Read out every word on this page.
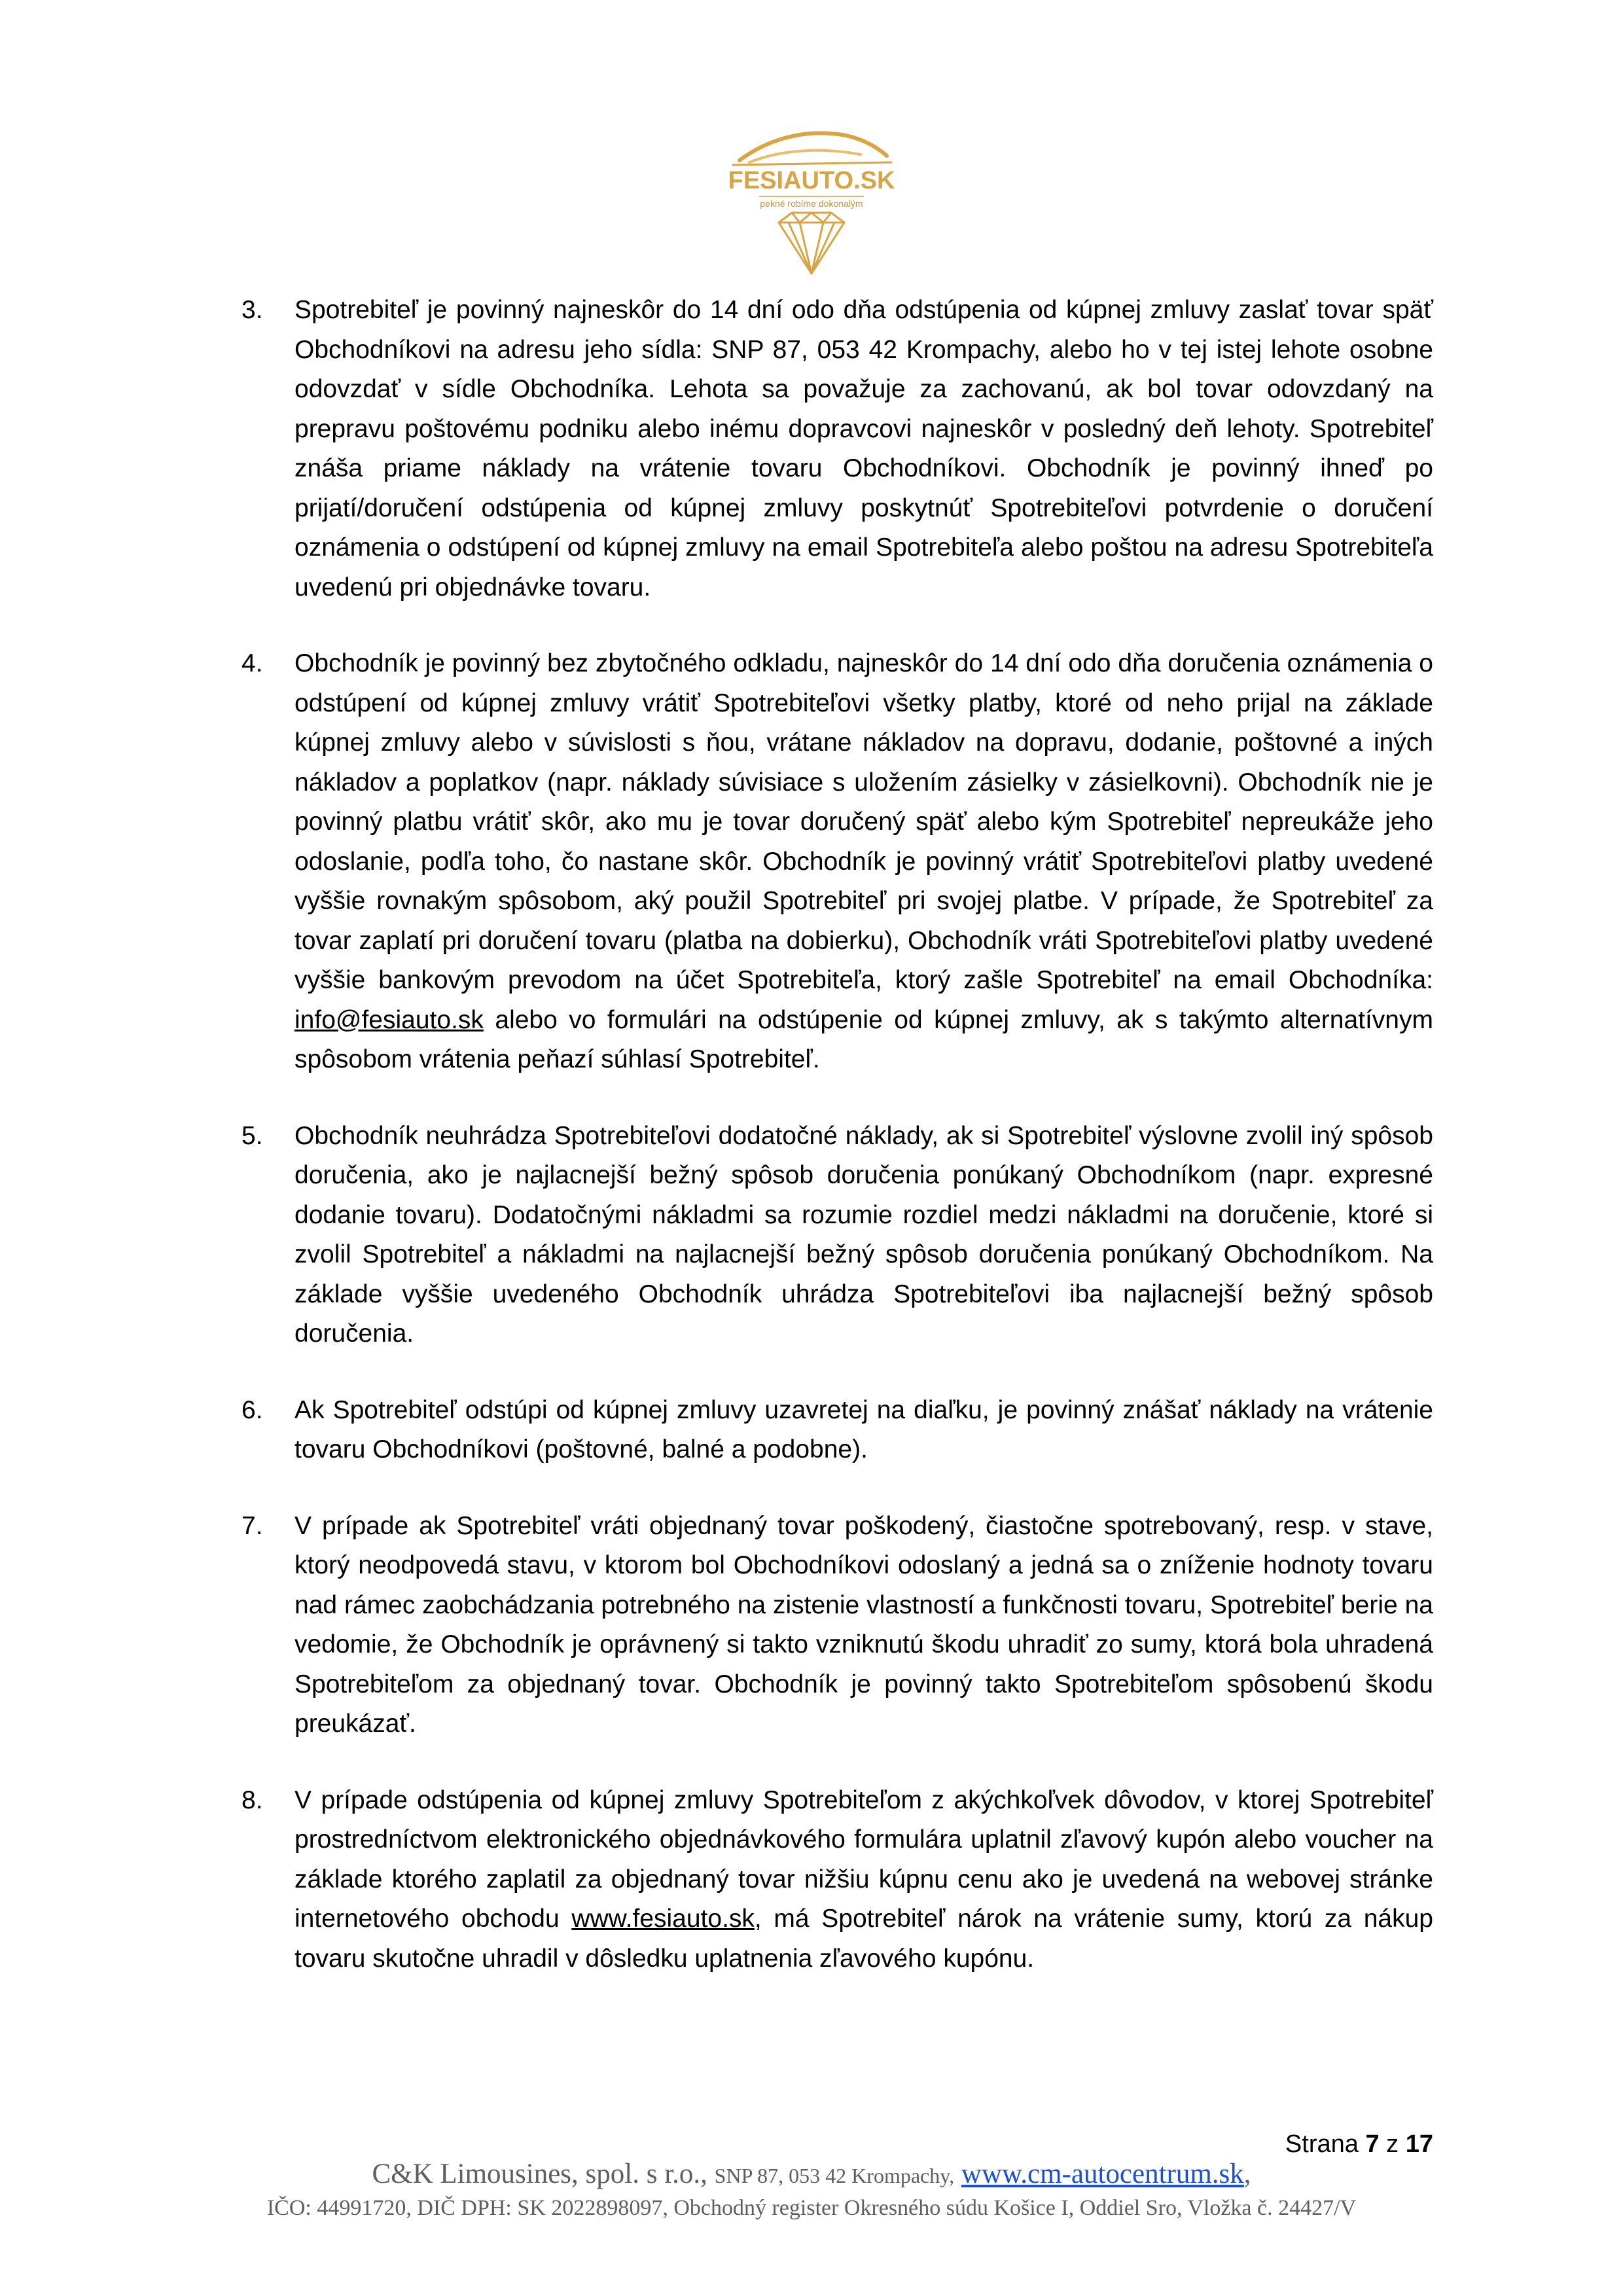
FESIAUTO.SK
pekné robíme dokonalým
3. Spotrebiteľ je povinný najneskôr do 14 dní odo dňa odstúpenia od kúpnej zmluvy zaslať tovar späť Obchodníkovi na adresu jeho sídla: SNP 87, 053 42 Krompachy, alebo ho v tej istej lehote osobne odovzdať v sídle Obchodníka. Lehota sa považuje za zachovanú, ak bol tovar odovzdaný na prepravu poštovému podniku alebo inému dopravcovi najneskôr v posledný deň lehoty. Spotrebiteľ znáša priame náklady na vrátenie tovaru Obchodníkovi. Obchodník je povinný ihneď po prijatí/doručení odstúpenia od kúpnej zmluvy poskytnúť Spotrebiteľovi potvrdenie o doručení oznámenia o odstúpení od kúpnej zmluvy na email Spotrebiteľa alebo poštou na adresu Spotrebiteľa uvedenú pri objednávke tovaru.
4. Obchodník je povinný bez zbytočného odkladu, najneskôr do 14 dní odo dňa doručenia oznámenia o odstúpení od kúpnej zmluvy vrátiť Spotrebiteľovi všetky platby, ktoré od neho prijal na základe kúpnej zmluvy alebo v súvislosti s ňou, vrátane nákladov na dopravu, dodanie, poštovné a iných nákladov a poplatkov (napr. náklady súvisiace s uložením zásielky v zásielkovni). Obchodník nie je povinný platbu vrátiť skôr, ako mu je tovar doručený späť alebo kým Spotrebiteľ nepreukáže jeho odoslanie, podľa toho, čo nastane skôr. Obchodník je povinný vrátiť Spotrebiteľovi platby uvedené vyššie rovnakým spôsobom, aký použil Spotrebiteľ pri svojej platbe. V prípade, že Spotrebiteľ za tovar zaplatí pri doručení tovaru (platba na dobierku), Obchodník vráti Spotrebiteľovi platby uvedené vyššie bankovým prevodom na účet Spotrebiteľa, ktorý zašle Spotrebiteľ na email Obchodníka: info@fesiauto.sk alebo vo formulári na odstúpenie od kúpnej zmluvy, ak s takýmto alternatívnym spôsobom vrátenia peňazí súhlasí Spotrebiteľ.
5. Obchodník neuhrádza Spotrebiteľovi dodatočné náklady, ak si Spotrebiteľ výslovne zvolil iný spôsob doručenia, ako je najlacnejší bežný spôsob doručenia ponúkaný Obchodníkom (napr. expresné dodanie tovaru). Dodatočnými nákladmi sa rozumie rozdiel medzi nákladmi na doručenie, ktoré si zvolil Spotrebiteľ a nákladmi na najlacnejší bežný spôsob doručenia ponúkaný Obchodníkom. Na základe vyššie uvedeného Obchodník uhrádza Spotrebiteľovi iba najlacnejší bežný spôsob doručenia.
6. Ak Spotrebiteľ odstúpi od kúpnej zmluvy uzavretej na diaľku, je povinný znášať náklady na vrátenie tovaru Obchodníkovi (poštovné, balné a podobne).
7. V prípade ak Spotrebiteľ vráti objednaný tovar poškodený, čiastočne spotrebovaný, resp. v stave, ktorý neodpovedá stavu, v ktorom bol Obchodníkovi odoslaný a jedná sa o zníženie hodnoty tovaru nad rámec zaobchádzania potrebného na zistenie vlastností a funkčnosti tovaru, Spotrebiteľ berie na vedomie, že Obchodník je oprávnený si takto vzniknutú škodu uhradiť zo sumy, ktorá bola uhradená Spotrebiteľom za objednaný tovar. Obchodník je povinný takto Spotrebiteľom spôsobenú škodu preukázať.
8. V prípade odstúpenia od kúpnej zmluvy Spotrebiteľom z akýchkoľvek dôvodov, v ktorej Spotrebiteľ prostredníctvom elektronického objednávkového formulára uplatnil zľavový kupón alebo voucher na základe ktorého zaplatil za objednaný tovar nižšiu kúpnu cenu ako je uvedená na webovej stránke internetového obchodu www.fesiauto.sk, má Spotrebiteľ nárok na vrátenie sumy, ktorú za nákup tovaru skutočne uhradil v dôsledku uplatnenia zľavového kupónu.
Strana 7 z 17
C&K Limousines, spol. s r.o., SNP 87, 053 42 Krompachy, www.cm-autocentrum.sk,
IČO: 44991720, DIČ DPH: SK 2022898097, Obchodný register Okresného súdu Košice I, Oddiel Sro, Vložka č. 24427/V
